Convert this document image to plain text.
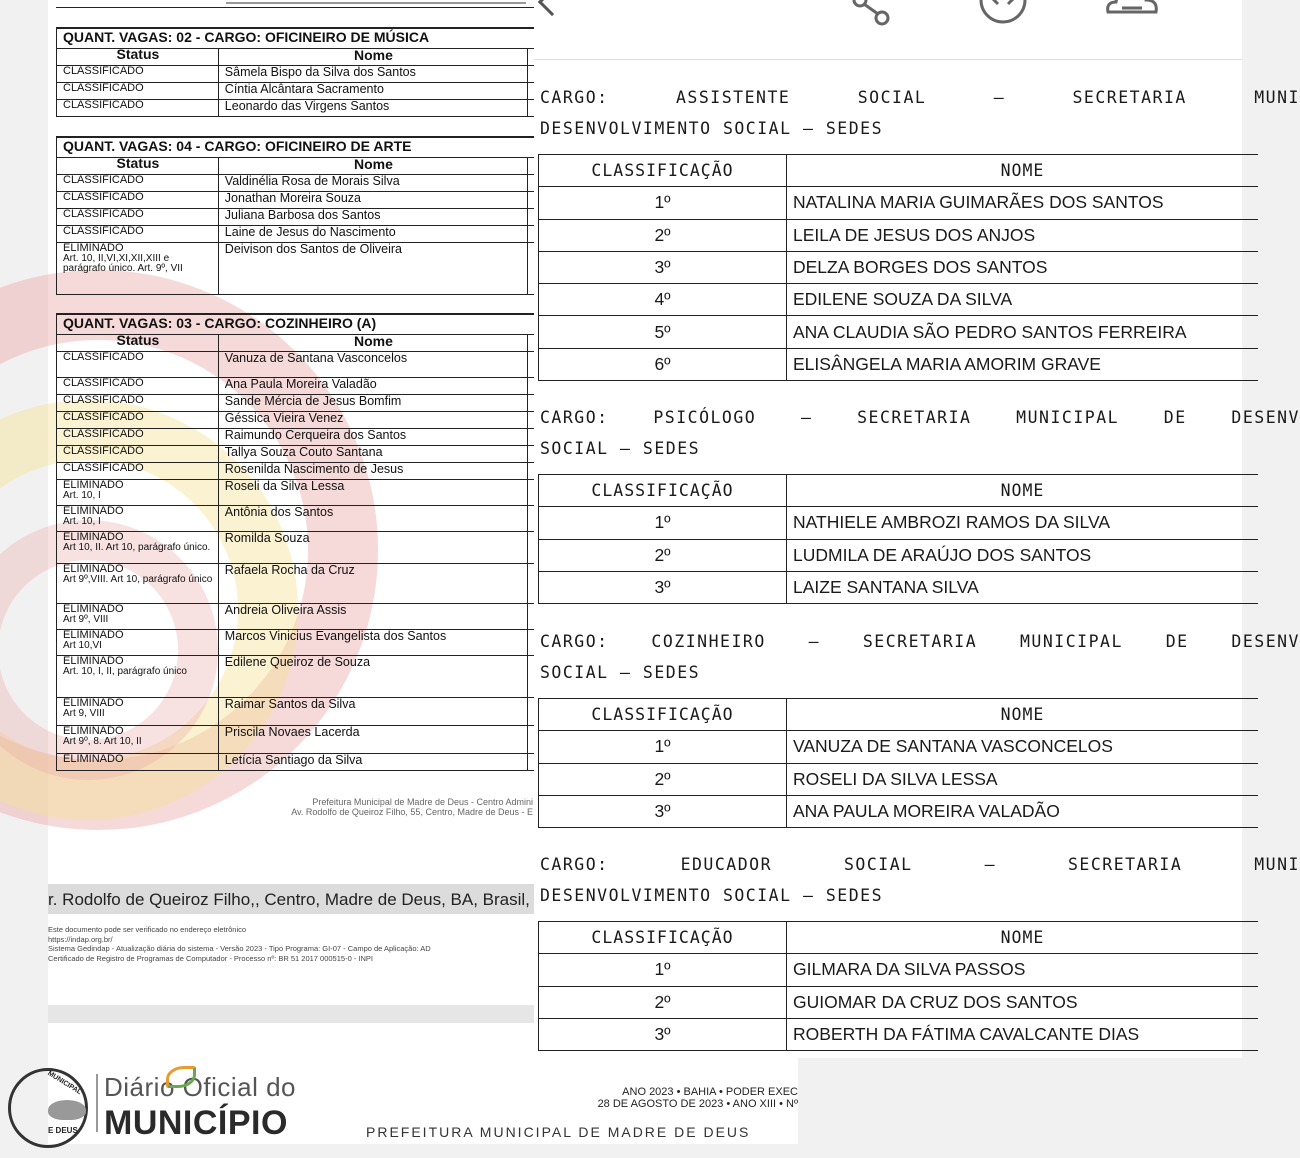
QUANT. VAGAS: 02 - CARGO: OFICINEIRO DE MÚSICA		
Status	Nome	
CLASSIFICADO	Sâmela Bispo da Silva dos Santos	
CLASSIFICADO	Cíntia Alcântara Sacramento	
CLASSIFICADO	Leonardo das Virgens Santos	
QUANT. VAGAS: 04 - CARGO: OFICINEIRO DE ARTE		
Status	Nome	
CLASSIFICADO	Valdinélia Rosa de Morais Silva	
CLASSIFICADO	Jonathan Moreira Souza	
CLASSIFICADO	Juliana Barbosa dos Santos	
CLASSIFICADO	Laine de Jesus do Nascimento	
ELIMINADO
Art. 10, II,VI,XI,XII,XIII e parágrafo único. Art. 9º, VII	Deivison dos Santos de Oliveira	
QUANT. VAGAS: 03 - CARGO: COZINHEIRO (A)		
Status	Nome	
CLASSIFICADO	Vanuza de Santana Vasconcelos	
CLASSIFICADO	Ana Paula Moreira Valadão	
CLASSIFICADO	Sande Mércia de Jesus Bomfim	
CLASSIFICADO	Géssica Vieira Venez	
CLASSIFICADO	Raimundo Cerqueira dos Santos	
CLASSIFICADO	Tallya Souza Couto Santana	
CLASSIFICADO	Rosenilda Nascimento de Jesus	
ELIMINADO
Art. 10, I	Roseli da Silva Lessa	
ELIMINADO
Art. 10, I	Antônia dos Santos	
ELIMINADO
Art 10, II. Art 10, parágrafo único.	Romilda Souza	
ELIMINADO
Art 9º,VIII. Art 10, parágrafo único	Rafaela Rocha da Cruz	
ELIMINADO
Art 9º, VIII	Andreia Oliveira Assis	
ELIMINADO
Art 10,VI	Marcos Vinicius Evangelista dos Santos	
ELIMINADO
Art. 10, I, II, parágrafo único	Edilene Queiroz de Souza	
ELIMINADO
Art 9, VIII	Raimar Santos da Silva	
ELIMINADO
Art 9º, 8. Art 10, II	Priscila Novaes Lacerda	
ELIMINADO	Letícia Santiago da Silva	
Prefeitura Municipal de Madre de Deus - Centro Admini
Av. Rodolfo de Queiroz Filho, 55, Centro, Madre de Deus - E
r. Rodolfo de Queiroz Filho,, Centro, Madre de Deus, BA, Brasil,
Este documento pode ser verificado no endereço eletrônico
https://indap.org.br/
Sistema Gedindap - Atualização diária do sistema - Versão 2023 - Tipo Programa: GI-07 - Campo de Aplicação: AD
Certificado de Registro de Programas de Computador - Processo nº: BR 51 2017 000515-0 - INPI
MUNICIPAL
E DEUS
Diário Oficial do
MUNICÍPIO
ANO 2023 • BAHIA • PODER EXEC
28 DE AGOSTO DE 2023 • ANO XIII • Nº
PREFEITURA MUNICIPAL DE MADRE DE DEUS
CARGO:	ASSISTENTE	SOCIAL	–	SECRETARIA	MUNI
DESENVOLVIMENTO SOCIAL – SEDES
CLASSIFICAÇÃO	NOME
1º	NATALINA MARIA GUIMARÃES DOS SANTOS
2º	LEILA DE JESUS DOS ANJOS
3º	DELZA BORGES DOS SANTOS
4º	EDILENE SOUZA DA SILVA
5º	ANA CLAUDIA SÃO PEDRO SANTOS FERREIRA
6º	ELISÂNGELA MARIA AMORIM GRAVE
CARGO:	PSICÓLOGO	–	SECRETARIA	MUNICIPAL	DE	DESENV
SOCIAL – SEDES
CLASSIFICAÇÃO	NOME
1º	NATHIELE AMBROZI RAMOS DA SILVA
2º	LUDMILA DE ARAÚJO DOS SANTOS
3º	LAIZE SANTANA SILVA
CARGO:	COZINHEIRO	–	SECRETARIA	MUNICIPAL	DE	DESENV
SOCIAL – SEDES
CLASSIFICAÇÃO	NOME
1º	VANUZA DE SANTANA VASCONCELOS
2º	ROSELI DA SILVA LESSA
3º	ANA PAULA MOREIRA VALADÃO
CARGO:	EDUCADOR	SOCIAL	–	SECRETARIA	MUNI
DESENVOLVIMENTO SOCIAL – SEDES
CLASSIFICAÇÃO	NOME
1º	GILMARA DA SILVA PASSOS
2º	GUIOMAR DA CRUZ DOS SANTOS
3º	ROBERTH DA FÁTIMA CAVALCANTE DIAS
